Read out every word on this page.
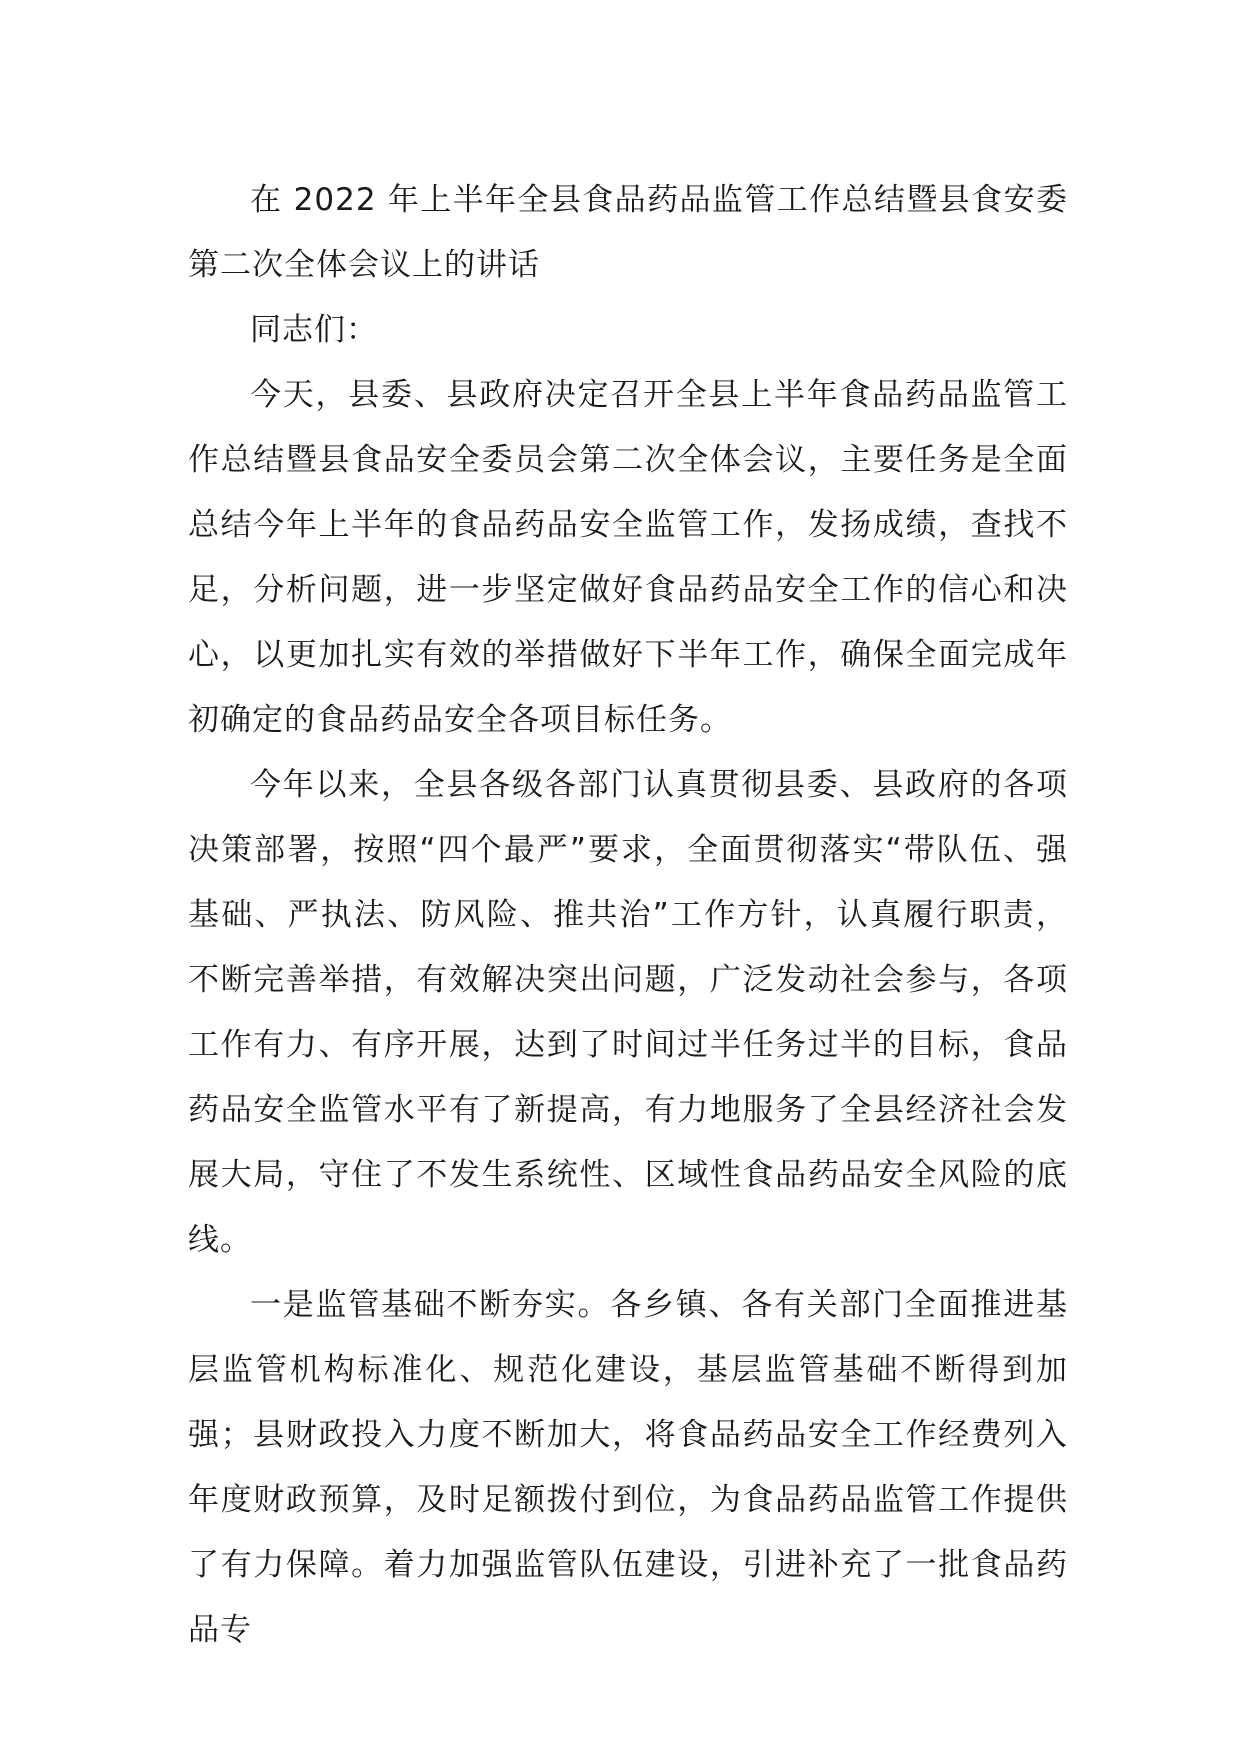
在 2022 年上半年全县食品药品监管工作总结暨县食安委第二次全体会议上的讲话

同志们：

今天，县委、县政府决定召开全县上半年食品药品监管工作总结暨县食品安全委员会第二次全体会议，主要任务是全面总结今年上半年的食品药品安全监管工作，发扬成绩，查找不足，分析问题，进一步坚定做好食品药品安全工作的信心和决心，以更加扎实有效的举措做好下半年工作，确保全面完成年初确定的食品药品安全各项目标任务。

今年以来，全县各级各部门认真贯彻县委、县政府的各项决策部署，按照“四个最严”要求，全面贯彻落实“带队伍、强基础、严执法、防风险、推共治”工作方针，认真履行职责，不断完善举措，有效解决突出问题，广泛发动社会参与，各项工作有力、有序开展，达到了时间过半任务过半的目标，食品药品安全监管水平有了新提高，有力地服务了全县经济社会发展大局，守住了不发生系统性、区域性食品药品安全风险的底线。

一是监管基础不断夯实。各乡镇、各有关部门全面推进基层监管机构标准化、规范化建设，基层监管基础不断得到加强；县财政投入力度不断加大，将食品药品安全工作经费列入年度财政预算，及时足额拨付到位，为食品药品监管工作提供了有力保障。着力加强监管队伍建设，引进补充了一批食品药品专
